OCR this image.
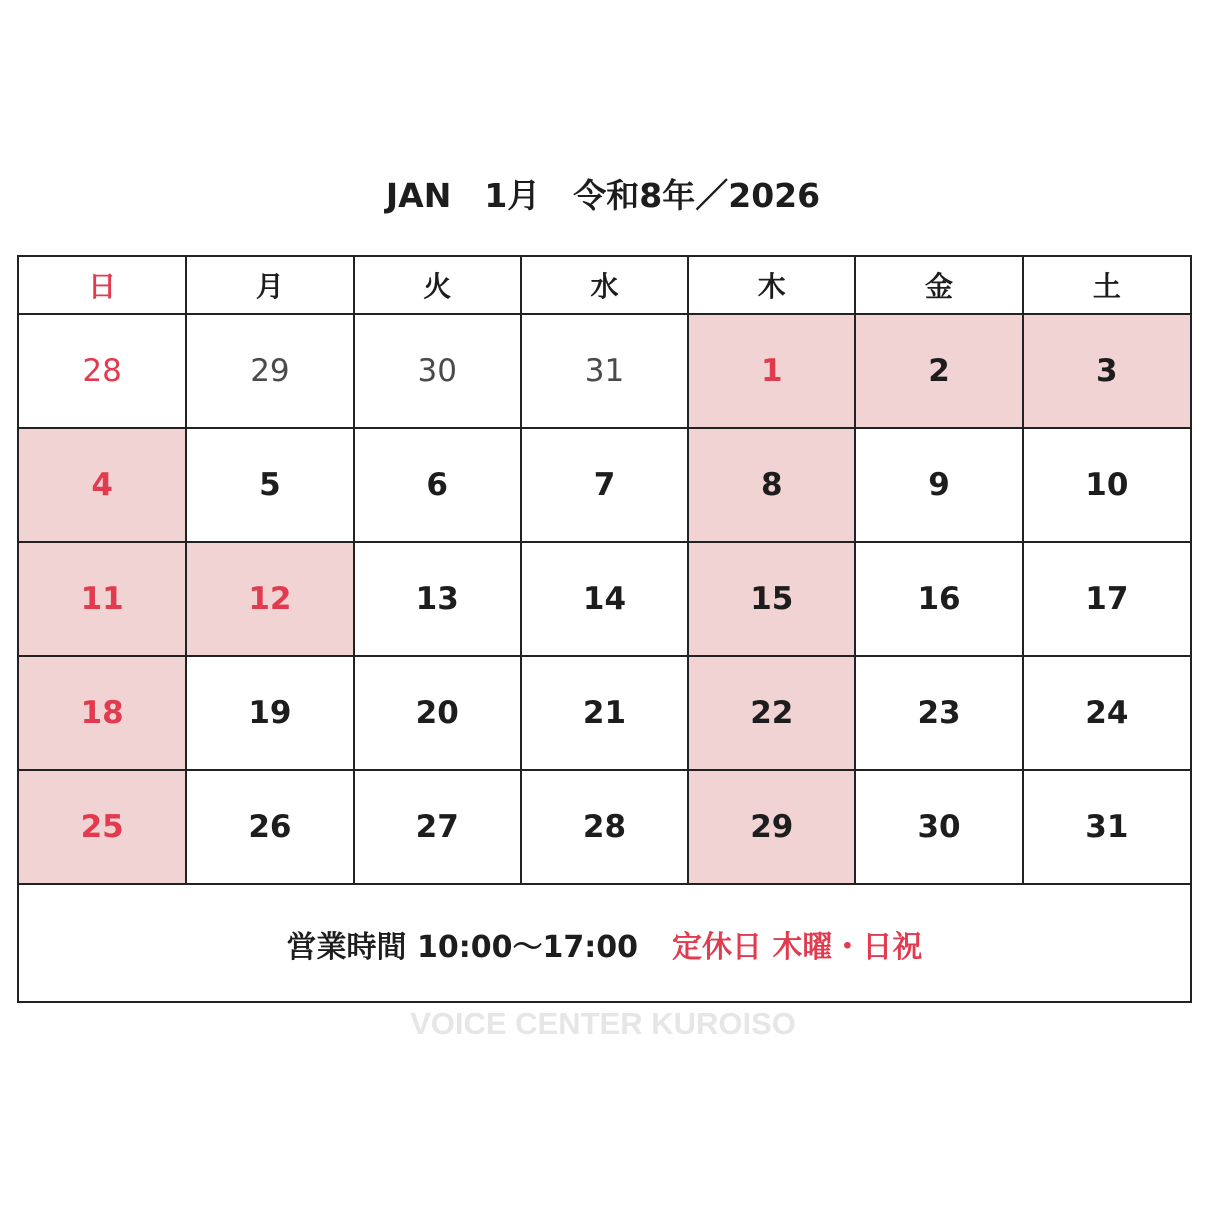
JAN　1月　令和8年／2026
日	月	火	水	木	金	土
28	29	30	31	1	2	3
4	5	6	7	8	9	10
11	12	13	14	15	16	17
18	19	20	21	22	23	24
25	26	27	28	29	30	31
営業時間 10:00〜17:00 定休日 木曜・日祝
VOICE CENTER KUROISO
